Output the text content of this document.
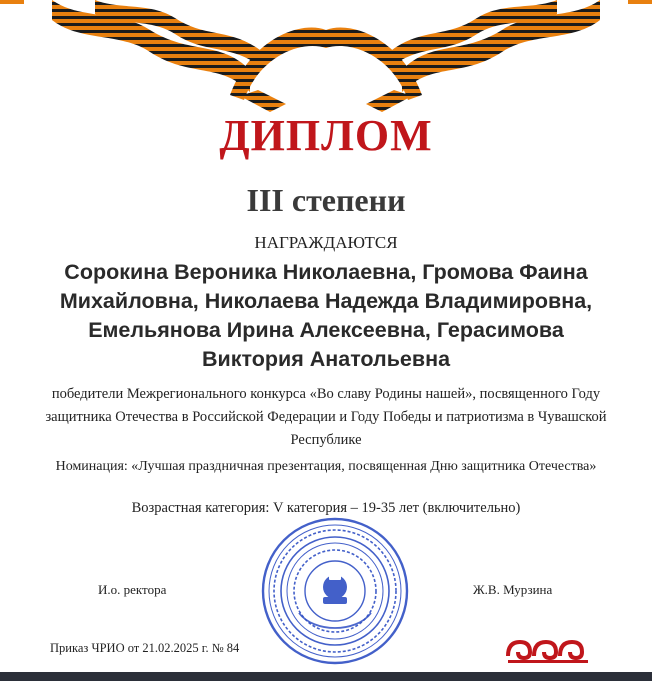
ДИПЛОМ
III степени
НАГРАЖДАЮТСЯ
Сорокина Вероника Николаевна, Громова Фаина Михайловна, Николаева Надежда Владимировна, Емельянова Ирина Алексеевна, Герасимова Виктория Анатольевна
победители Межрегионального конкурса «Во славу Родины нашей», посвященного Году защитника Отечества в Российской Федерации и Году Победы и патриотизма в Чувашской Республике
Номинация: «Лучшая праздничная презентация, посвященная Дню защитника Отечества»
Возрастная категория: V категория – 19-35 лет (включительно)
И.о. ректора	Ж.В. Мурзина
Приказ ЧРИО от 21.02.2025 г. № 84
